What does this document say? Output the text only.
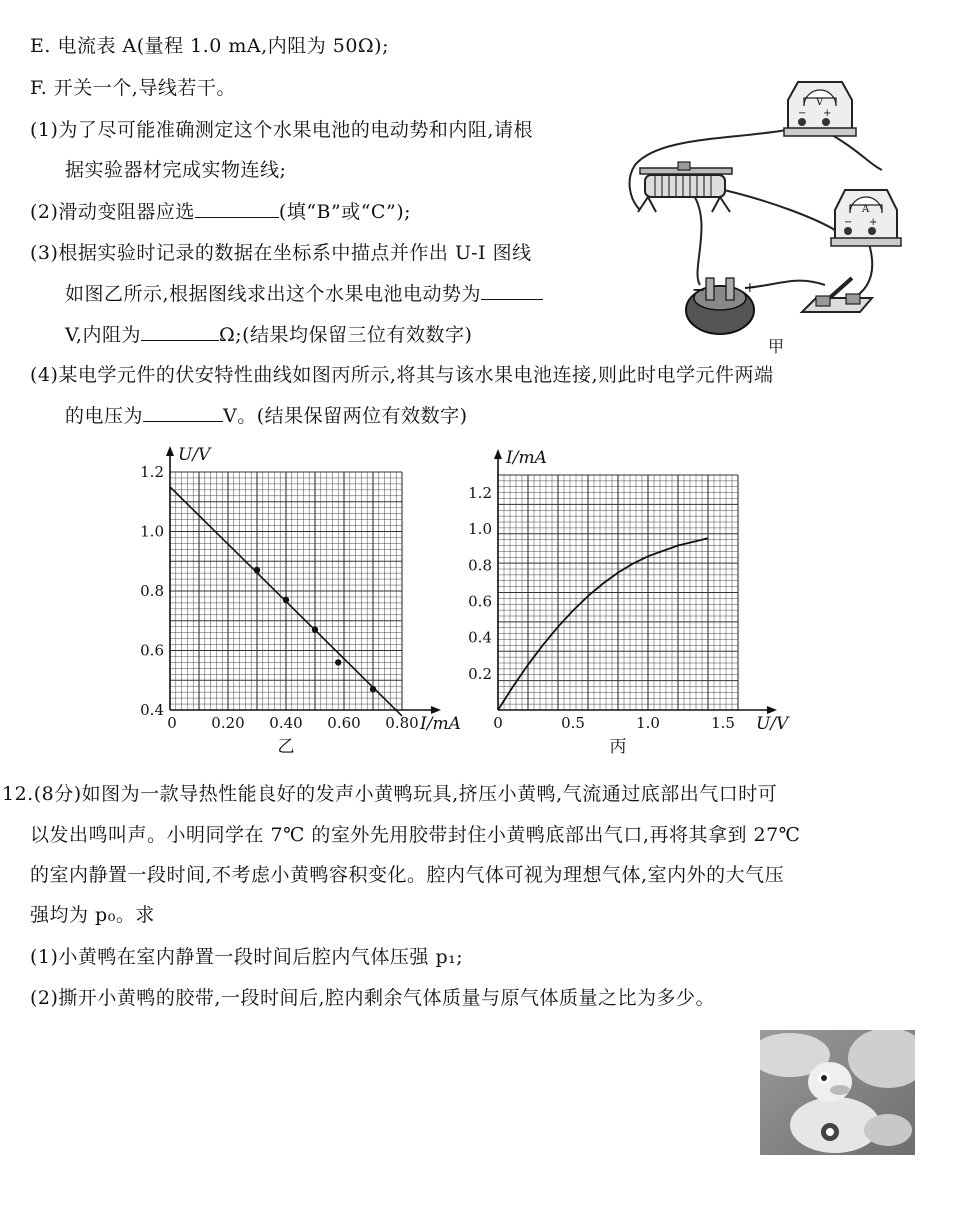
E. 电流表 A(量程 1.0 mA,内阻为 50Ω);
F. 开关一个,导线若干。
(1)为了尽可能准确测定这个水果电池的电动势和内阻,请根
据实验器材完成实物连线;
(2)滑动变阻器应选	(填“B”或“C”);
(3)根据实验时记录的数据在坐标系中描点并作出 U-I 图线
如图乙所示,根据图线求出这个水果电池电动势为
V,内阻为	Ω;(结果均保留三位有效数字)
(4)某电学元件的伏安特性曲线如图丙所示,将其与该水果电池连接,则此时电学元件两端
的电压为	V。(结果保留两位有效数字)
12.(8分)如图为一款导热性能良好的发声小黄鸭玩具,挤压小黄鸭,气流通过底部出气口时可
以发出鸣叫声。小明同学在 7℃ 的室外先用胶带封住小黄鸭底部出气口,再将其拿到 27℃
的室内静置一段时间,不考虑小黄鸭容积变化。腔内气体可视为理想气体,室内外的大气压
强均为 p₀。求
(1)小黄鸭在室内静置一段时间后腔内气体压强 p₁;
(2)撕开小黄鸭的胶带,一段时间后,腔内剩余气体质量与原气体质量之比为多少。
V
− +
A
− +
−	+
甲
0.4
0.6
0.8
1.0
1.2
0 0.20 0.40 0.60 0.80
U/V
I/mA
乙
0.2
0.4
0.6
0.8
1.0
1.2
0	0.5	1.0	1.5
I/mA
U/V
丙
